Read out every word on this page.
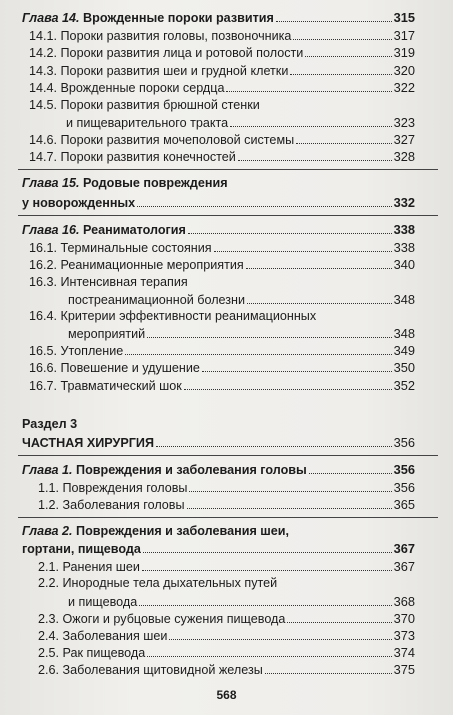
Глава 14. Врожденные пороки развития	315
14.1. Пороки развития головы, позвоночника	317
14.2. Пороки развития лица и ротовой полости	319
14.3. Пороки развития шеи и грудной клетки	320
14.4. Врожденные пороки сердца	322
14.5. Пороки развития брюшной стенки
и пищеварительного тракта	323
14.6. Пороки развития мочеполовой системы	327
14.7. Пороки развития конечностей	328
Глава 15. Родовые повреждения
у новорожденных	332
Глава 16. Реаниматология	338
16.1. Терминальные состояния	338
16.2. Реанимационные мероприятия	340
16.3. Интенсивная терапия
постреанимационной болезни	348
16.4. Критерии эффективности реанимационных
мероприятий	348
16.5. Утопление	349
16.6. Повешение и удушение	350
16.7. Травматический шок	352
Раздел 3
ЧАСТНАЯ ХИРУРГИЯ	356
Глава 1. Повреждения и заболевания головы	356
1.1. Повреждения головы	356
1.2. Заболевания головы	365
Глава 2. Повреждения и заболевания шеи,
гортани, пищевода	367
2.1. Ранения шеи	367
2.2. Инородные тела дыхательных путей
и пищевода	368
2.3. Ожоги и рубцовые сужения пищевода	370
2.4. Заболевания шеи	373
2.5. Рак пищевода	374
2.6. Заболевания щитовидной железы	375
568
